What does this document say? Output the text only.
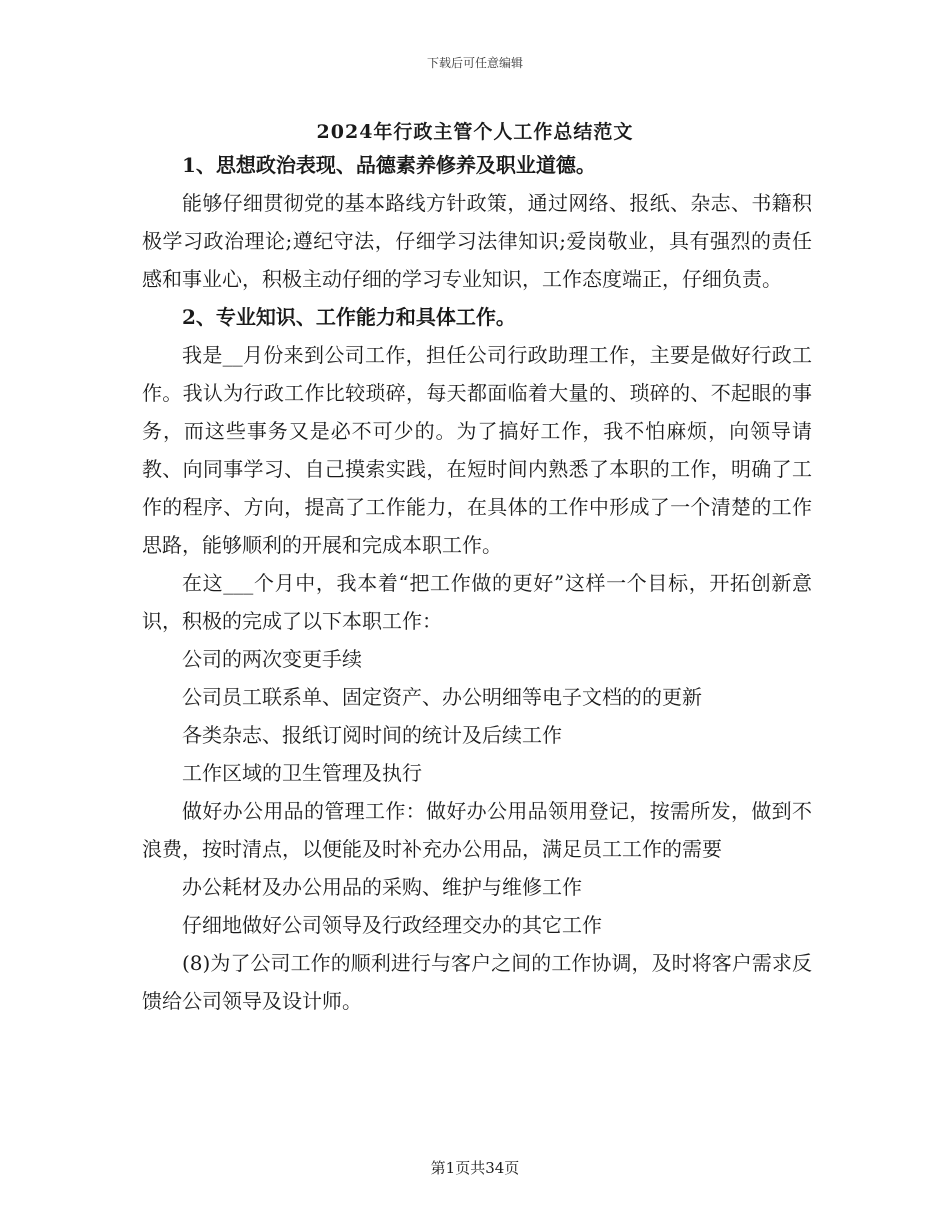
下载后可任意编辑
2024年行政主管个人工作总结范文

1、思想政治表现、品德素养修养及职业道德。

能够仔细贯彻党的基本路线方针政策，通过网络、报纸、杂志、书籍积极学习政治理论;遵纪守法，仔细学习法律知识;爱岗敬业，具有强烈的责任感和事业心，积极主动仔细的学习专业知识，工作态度端正，仔细负责。

2、专业知识、工作能力和具体工作。

我是__月份来到公司工作，担任公司行政助理工作，主要是做好行政工作。我认为行政工作比较琐碎，每天都面临着大量的、琐碎的、不起眼的事务，而这些事务又是必不可少的。为了搞好工作，我不怕麻烦，向领导请教、向同事学习、自己摸索实践，在短时间内熟悉了本职的工作，明确了工作的程序、方向，提高了工作能力，在具体的工作中形成了一个清楚的工作思路，能够顺利的开展和完成本职工作。

在这___个月中，我本着“把工作做的更好”这样一个目标，开拓创新意识，积极的完成了以下本职工作：

公司的两次变更手续

公司员工联系单、固定资产、办公明细等电子文档的的更新

各类杂志、报纸订阅时间的统计及后续工作

工作区域的卫生管理及执行

做好办公用品的管理工作：做好办公用品领用登记，按需所发，做到不浪费，按时清点，以便能及时补充办公用品，满足员工工作的需要

办公耗材及办公用品的采购、维护与维修工作

仔细地做好公司领导及行政经理交办的其它工作

(8)为了公司工作的顺利进行与客户之间的工作协调，及时将客户需求反馈给公司领导及设计师。

第1页共34页
